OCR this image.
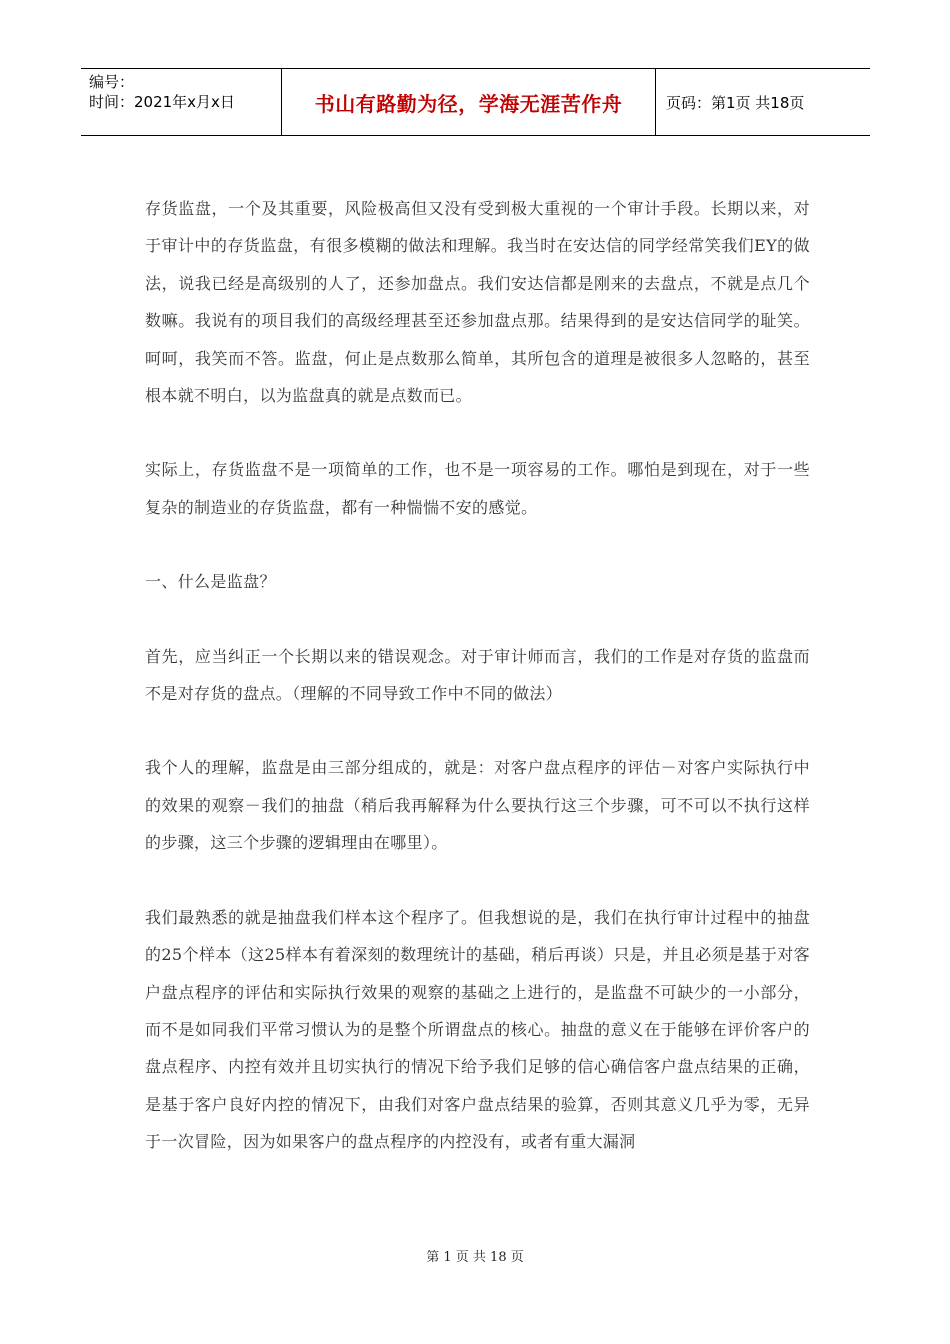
编号：
时间：2021年x月x日	书山有路勤为径，学海无涯苦作舟	页码：第1页 共18页

存货监盘，一个及其重要，风险极高但又没有受到极大重视的一个审计手段。长期以来，对于审计中的存货监盘，有很多模糊的做法和理解。我当时在安达信的同学经常笑我们EY的做法，说我已经是高级别的人了，还参加盘点。我们安达信都是刚来的去盘点，不就是点几个数嘛。我说有的项目我们的高级经理甚至还参加盘点那。结果得到的是安达信同学的耻笑。呵呵，我笑而不答。监盘，何止是点数那么简单，其所包含的道理是被很多人忽略的，甚至根本就不明白，以为监盘真的就是点数而已。

实际上，存货监盘不是一项简单的工作，也不是一项容易的工作。哪怕是到现在，对于一些复杂的制造业的存货监盘，都有一种惴惴不安的感觉。

一、什么是监盘？

首先，应当纠正一个长期以来的错误观念。对于审计师而言，我们的工作是对存货的监盘而不是对存货的盘点。（理解的不同导致工作中不同的做法）

我个人的理解，监盘是由三部分组成的，就是：对客户盘点程序的评估－对客户实际执行中的效果的观察－我们的抽盘（稍后我再解释为什么要执行这三个步骤，可不可以不执行这样的步骤，这三个步骤的逻辑理由在哪里）。

我们最熟悉的就是抽盘我们样本这个程序了。但我想说的是，我们在执行审计过程中的抽盘的25个样本（这25样本有着深刻的数理统计的基础，稍后再谈）只是，并且必须是基于对客户盘点程序的评估和实际执行效果的观察的基础之上进行的，是监盘不可缺少的一小部分，而不是如同我们平常习惯认为的是整个所谓盘点的核心。抽盘的意义在于能够在评价客户的盘点程序、内控有效并且切实执行的情况下给予我们足够的信心确信客户盘点结果的正确，是基于客户良好内控的情况下，由我们对客户盘点结果的验算，否则其意义几乎为零，无异于一次冒险，因为如果客户的盘点程序的内控没有，或者有重大漏洞

第 1 页 共 18 页
